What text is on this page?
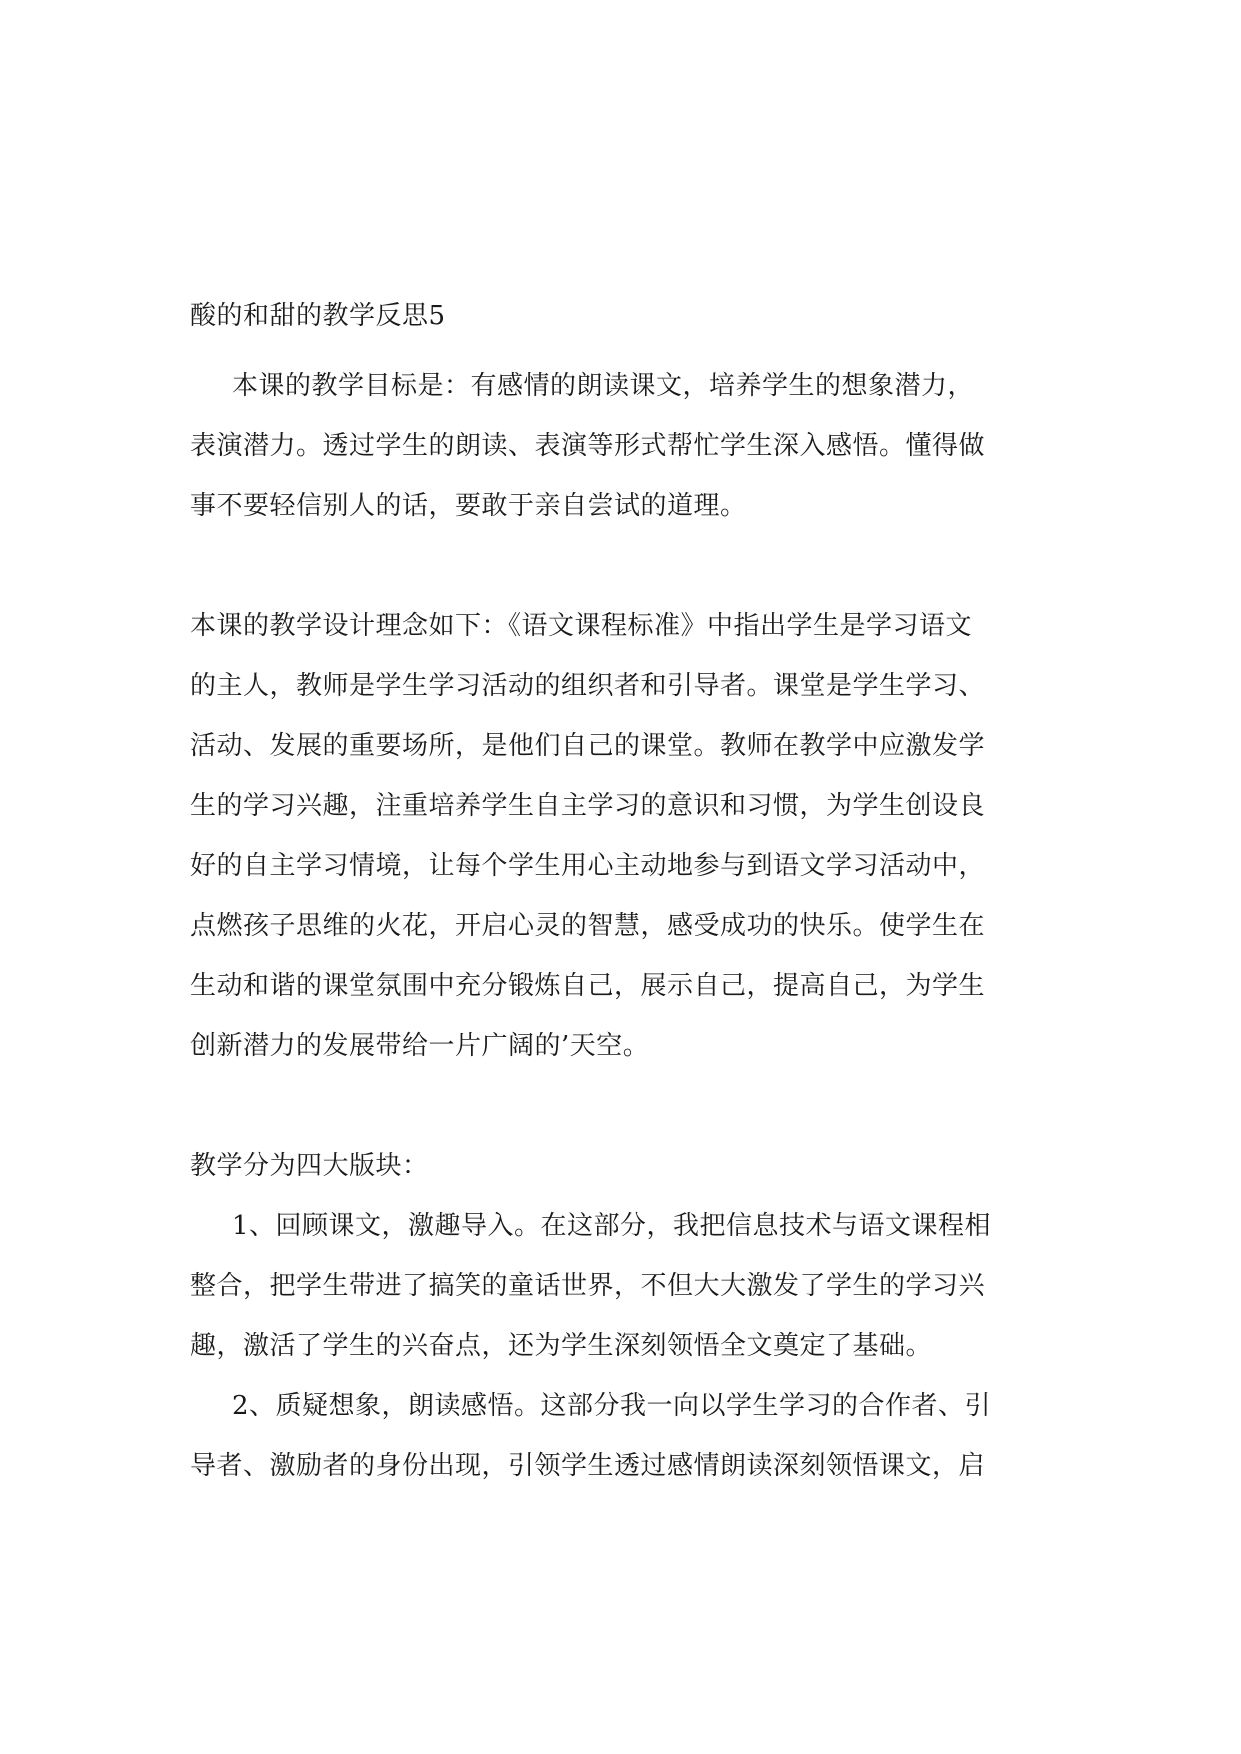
酸的和甜的教学反思5
本课的教学目标是：有感情的朗读课文，培养学生的想象潜力，
表演潜力。透过学生的朗读、表演等形式帮忙学生深入感悟。懂得做
事不要轻信别人的话，要敢于亲自尝试的道理。
本课的教学设计理念如下：《语文课程标准》中指出学生是学习语文
的主人，教师是学生学习活动的组织者和引导者。课堂是学生学习、
活动、发展的重要场所，是他们自己的课堂。教师在教学中应激发学
生的学习兴趣，注重培养学生自主学习的意识和习惯，为学生创设良
好的自主学习情境，让每个学生用心主动地参与到语文学习活动中，
点燃孩子思维的火花，开启心灵的智慧，感受成功的快乐。使学生在
生动和谐的课堂氛围中充分锻炼自己，展示自己，提高自己，为学生
创新潜力的发展带给一片广阔的’天空。
教学分为四大版块：
1、回顾课文，激趣导入。在这部分，我把信息技术与语文课程相
整合，把学生带进了搞笑的童话世界，不但大大激发了学生的学习兴
趣，激活了学生的兴奋点，还为学生深刻领悟全文奠定了基础。
2、质疑想象，朗读感悟。这部分我一向以学生学习的合作者、引
导者、激励者的身份出现，引领学生透过感情朗读深刻领悟课文，启
